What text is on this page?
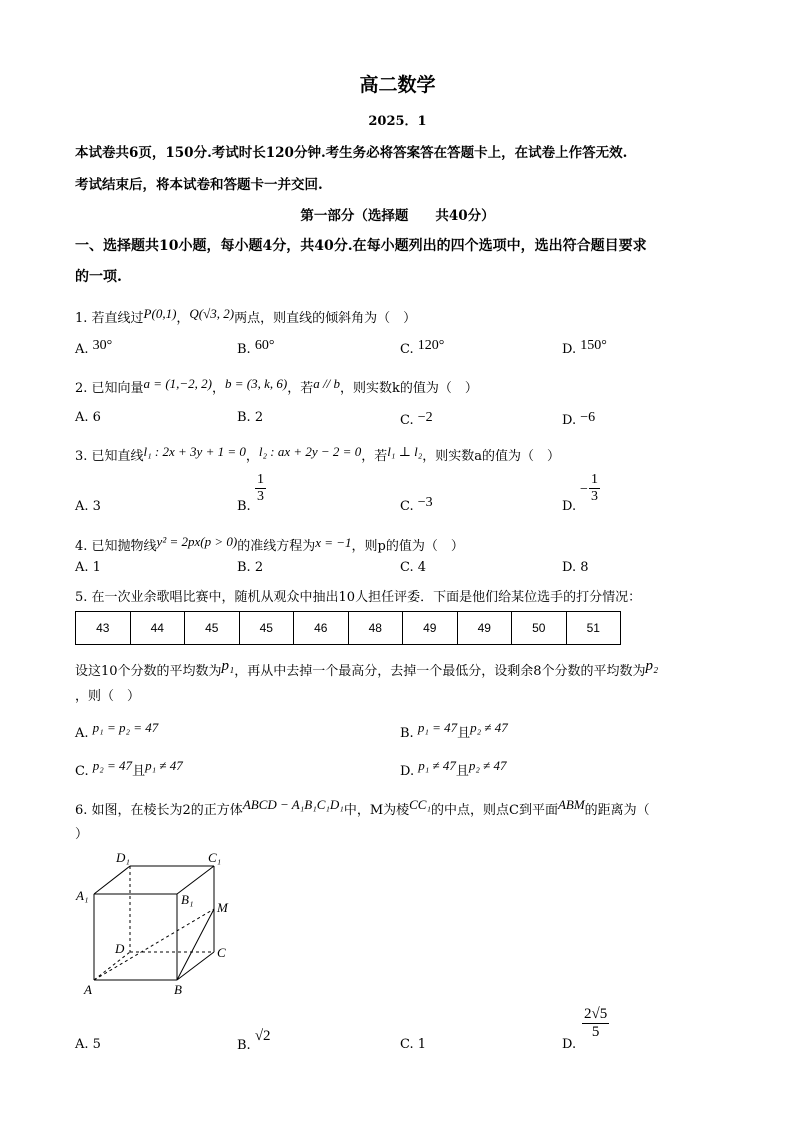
高二数学
2025．1
本试卷共6页，150分.考试时长120分钟.考生务必将答案答在答题卡上，在试卷上作答无效.
考试结束后，将本试卷和答题卡一并交回.
第一部分（选择题　　共40分）
一、选择题共10小题，每小题4分，共40分.在每小题列出的四个选项中，选出符合题目要求
的一项.
1. 若直线过P(0,1)，Q(√3, 2)两点，则直线的倾斜角为（　）
A. 30°	B. 60°	C. 120°	D. 150°
2. 已知向量a = (1,−2, 2)，b = (3, k, 6)，若a // b，则实数k的值为（　）
A. 6	B. 2	C. −2	D. −6
3. 已知直线l₁ : 2x + 3y + 1 = 0，l₂ : ax + 2y − 2 = 0，若l₁ ⊥ l₂，则实数a的值为（　）
A. 3	B.
$\frac{1}{3}$
C. −3	D.
− $\frac{1}{3}$
4. 已知抛物线y² = 2px(p > 0)的准线方程为x = −1，则p的值为（　）
A. 1	B. 2	C. 4	D. 8
5. 在一次业余歌唱比赛中，随机从观众中抽出10人担任评委．下面是他们给某位选手的打分情况：
43	44	45	45	46	48	49	49	50	51
设这10个分数的平均数为p₁，再从中去掉一个最高分，去掉一个最低分，设剩余8个分数的平均数为p₂
，则（　）
A. p₁ = p₂ = 47	B. p₁ = 47且p₂ ≠ 47
C. p₂ = 47且p₁ ≠ 47	D. p₁ ≠ 47且p₂ ≠ 47
6. 如图，在棱长为2的正方体ABCD − A₁B₁C₁D₁中，M为棱CC₁的中点，则点C到平面ABM的距离为（
）
D₁	C₁
A₁	B₁
M
D	C
A	B
A. 5	B. √2
C. 1	D.
$\frac{2√5}{5}$
